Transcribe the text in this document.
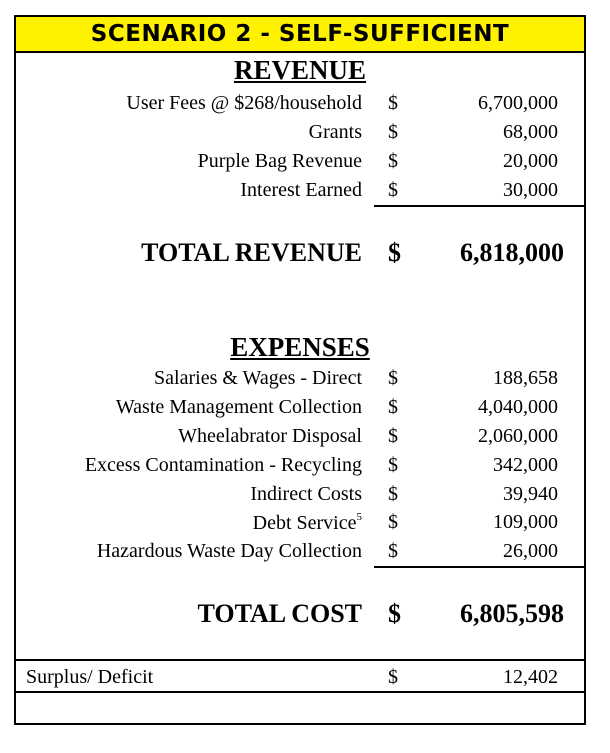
SCENARIO 2 - SELF-SUFFICIENT
REVENUE
User Fees @ $268/household $	6,700,000
Grants $	68,000
Purple Bag Revenue $	20,000
Interest Earned $	30,000
TOTAL REVENUE $ 6,818,000
EXPENSES
Salaries & Wages - Direct $	188,658
Waste Management Collection $	4,040,000
Wheelabrator Disposal $	2,060,000
Excess Contamination - Recycling $	342,000
Indirect Costs $	39,940
Debt Service$^5$ $	109,000
Hazardous Waste Day Collection $	26,000
TOTAL COST $ 6,805,598
Surplus/ Deficit	$	12,402
